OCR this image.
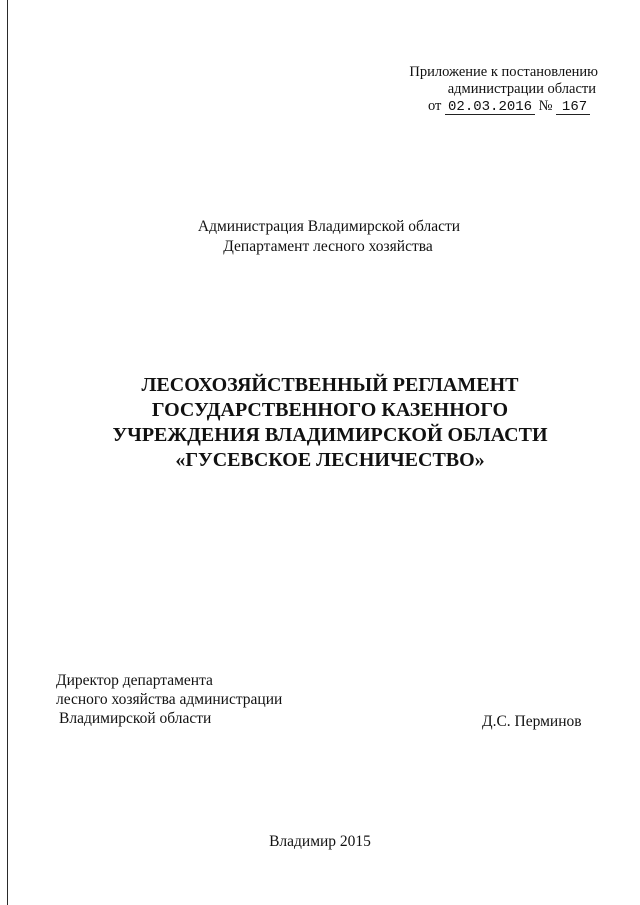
Приложение к постановлению
администрации области
от 02.03.2016 № 167
Администрация Владимирской области
Департамент лесного хозяйства
ЛЕСОХОЗЯЙСТВЕННЫЙ РЕГЛАМЕНТ
ГОСУДАРСТВЕННОГО КАЗЕННОГО
УЧРЕЖДЕНИЯ ВЛАДИМИРСКОЙ ОБЛАСТИ
«ГУСЕВСКОЕ ЛЕСНИЧЕСТВО»
Директор департамента
лесного хозяйства администрации
Владимирской области	Д.С. Перминов
Владимир 2015
